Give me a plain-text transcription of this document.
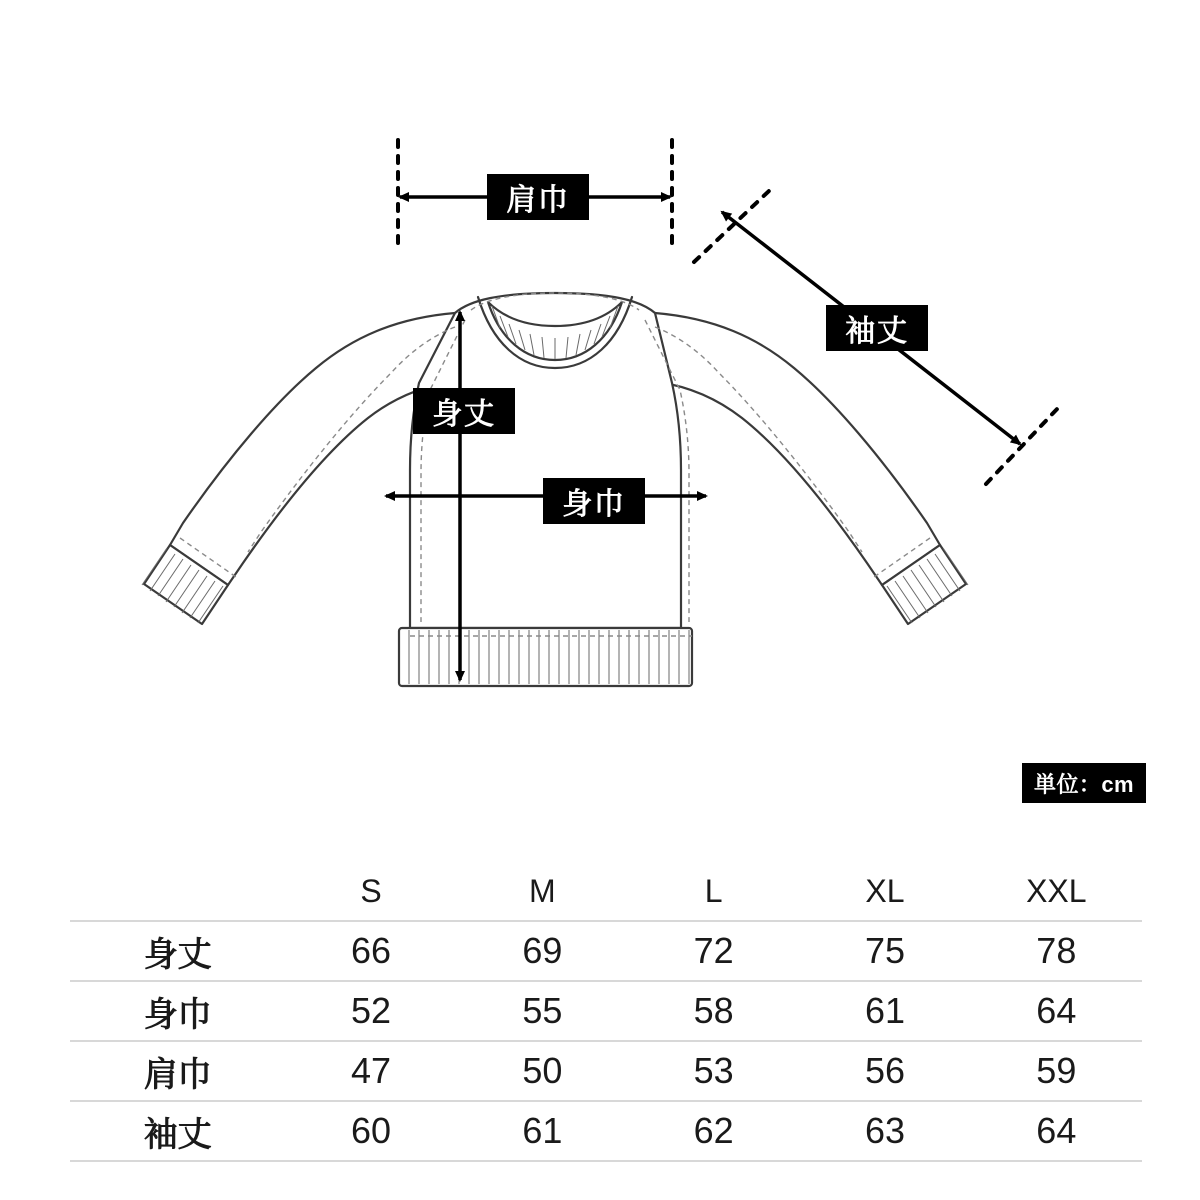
肩巾
袖丈
身丈
身巾
単位：cm
	S	M	L	XL	XXL
身丈	66	69	72	75	78
身巾	52	55	58	61	64
肩巾	47	50	53	56	59
袖丈	60	61	62	63	64
